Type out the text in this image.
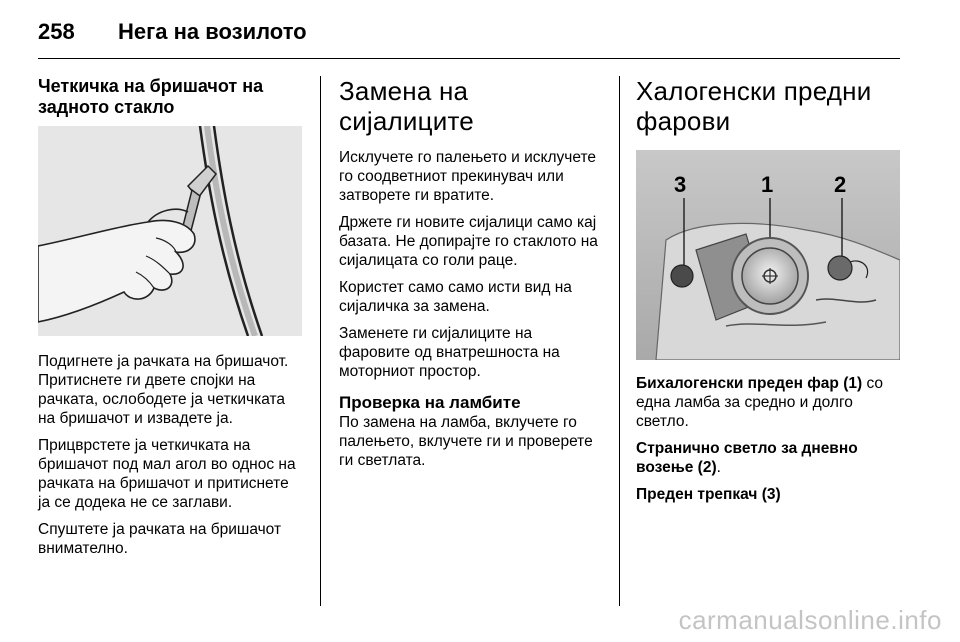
258	Нега на возилото
Четкичка на бришачот на задното стакло

Подигнете ја рачката на бришачот. Притиснете ги двете спојки на рачката, ослободете ја четкичката на бришачот и извадете ја.

Прицврстете ја четкичката на бришачот под мал агол во однос на рачката на бришачот и притиснете ја се додека не се заглави.

Спуштете ја рачката на бришачот внимателно.

Замена на сијалиците

Исклучете го палењето и исклучете го соодветниот прекинувач или затворете ги вратите.

Држете ги новите сијалици само кај базата. Не допирајте го стаклото на сијалицата со голи раце.

Користет само само исти вид на сијаличка за замена.

Заменете ги сијалиците на фаровите од внатрешноста на моторниот простор.

Проверка на ламбите

По замена на ламба, вклучете го палењето, вклучете ги и проверете ги светлата.

Халогенски предни фарови
3	1	2

Бихалогенски преден фар (1) со една ламба за средно и долго светло.

Странично светло за дневно возење (2).

Преден трепкач (3)

carmanualsonline.info
